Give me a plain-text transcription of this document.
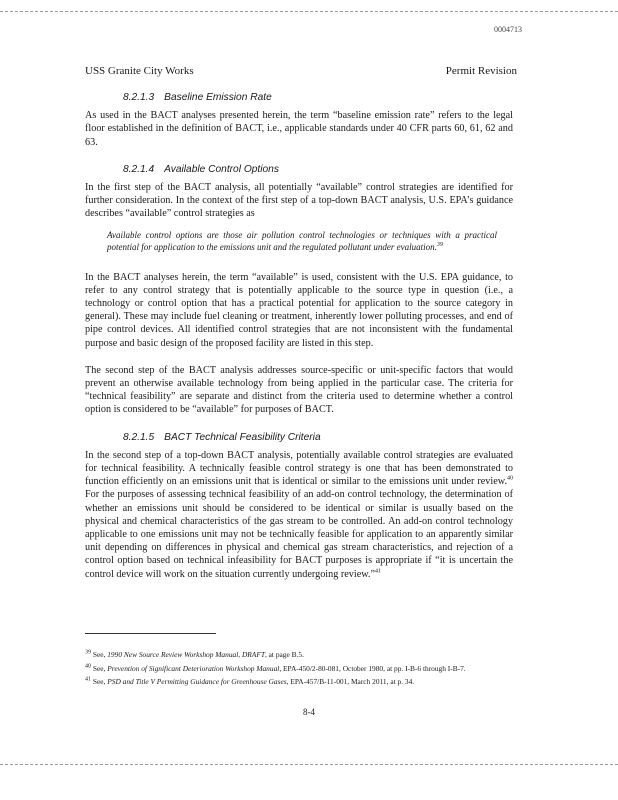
0004713
USS Granite City Works	Permit Revision
8.2.1.3 Baseline Emission Rate

As used in the BACT analyses presented herein, the term “baseline emission rate” refers to the legal floor established in the definition of BACT, i.e., applicable standards under 40 CFR parts 60, 61, 62 and 63.

8.2.1.4 Available Control Options

In the first step of the BACT analysis, all potentially “available” control strategies are identified for further consideration. In the context of the first step of a top-down BACT analysis, U.S. EPA’s guidance describes “available” control strategies as

Available control options are those air pollution control technologies or techniques with a practical potential for application to the emissions unit and the regulated pollutant under evaluation.$^{39}$

In the BACT analyses herein, the term “available” is used, consistent with the U.S. EPA guidance, to refer to any control strategy that is potentially applicable to the source type in question (i.e., a technology or control option that has a practical potential for application to the source category in general). These may include fuel cleaning or treatment, inherently lower polluting processes, and end of pipe control devices. All identified control strategies that are not inconsistent with the fundamental purpose and basic design of the proposed facility are listed in this step.

The second step of the BACT analysis addresses source-specific or unit-specific factors that would prevent an otherwise available technology from being applied in the particular case. The criteria for “technical feasibility” are separate and distinct from the criteria used to determine whether a control option is considered to be “available” for purposes of BACT.

8.2.1.5 BACT Technical Feasibility Criteria

In the second step of a top-down BACT analysis, potentially available control strategies are evaluated for technical feasibility. A technically feasible control strategy is one that has been demonstrated to function efficiently on an emissions unit that is identical or similar to the emissions unit under review.$^{40}$ For the purposes of assessing technical feasibility of an add-on control technology, the determination of whether an emissions unit should be considered to be identical or similar is usually based on the physical and chemical characteristics of the gas stream to be controlled. An add-on control technology applicable to one emissions unit may not be technically feasible for application to an apparently similar unit depending on differences in physical and chemical gas stream characteristics, and rejection of a control option based on technical infeasibility for BACT purposes is appropriate if “it is uncertain the control device will work on the situation currently undergoing review.”$^{41}$

$^{39}$ See, 1990 New Source Review Workshop Manual, DRAFT, at page B.5.
$^{40}$ See, Prevention of Significant Deterioration Workshop Manual, EPA-450/2-80-081, October 1980, at pp. I-B-6 through I-B-7.
$^{41}$ See, PSD and Title V Permitting Guidance for Greenhouse Gases, EPA-457/B-11-001, March 2011, at p. 34.
8-4
